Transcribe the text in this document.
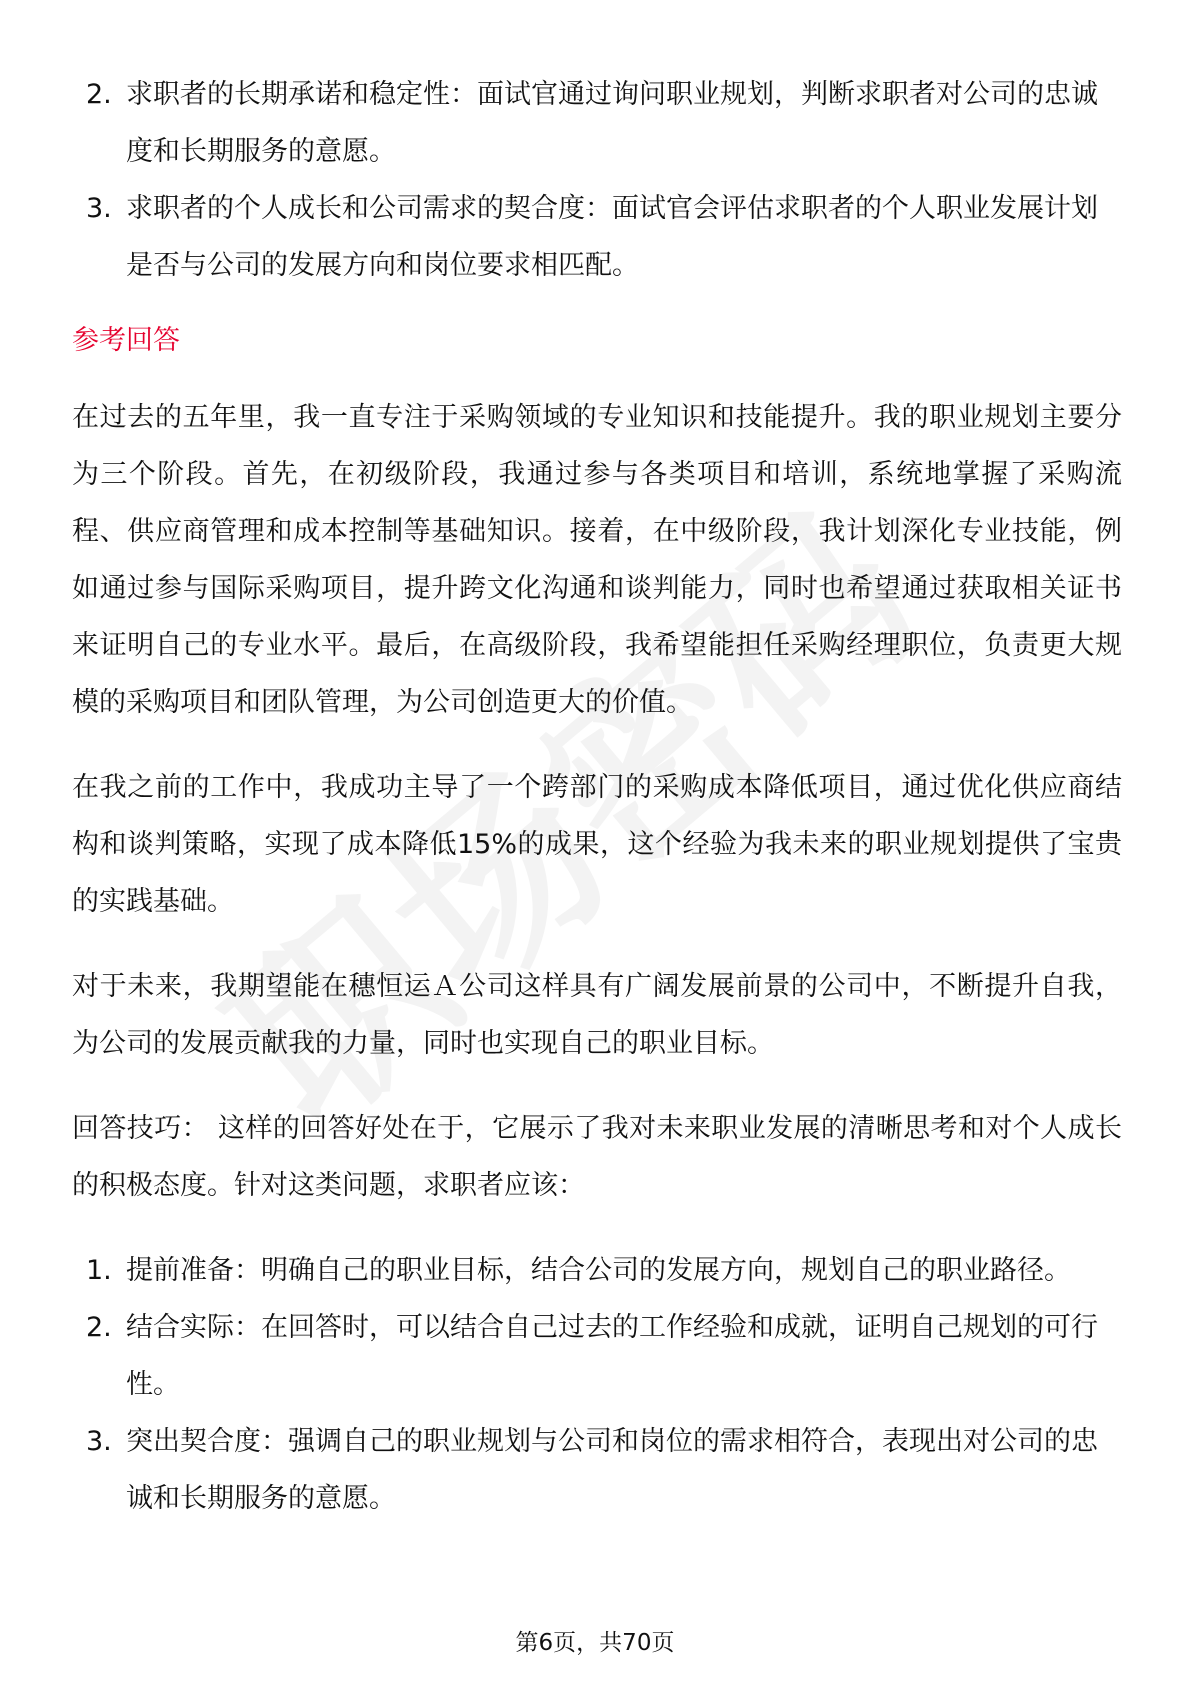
2. 求职者的长期承诺和稳定性：面试官通过询问职业规划，判断求职者对公司的忠诚度和长期服务的意愿。
3. 求职者的个人成长和公司需求的契合度：面试官会评估求职者的个人职业发展计划是否与公司的发展方向和岗位要求相匹配。
参考回答

在过去的五年里，我一直专注于采购领域的专业知识和技能提升。我的职业规划主要分为三个阶段。首先，在初级阶段，我通过参与各类项目和培训，系统地掌握了采购流程、供应商管理和成本控制等基础知识。接着，在中级阶段，我计划深化专业技能，例如通过参与国际采购项目，提升跨文化沟通和谈判能力，同时也希望通过获取相关证书来证明自己的专业水平。最后，在高级阶段，我希望能担任采购经理职位，负责更大规模的采购项目和团队管理，为公司创造更大的价值。

在我之前的工作中，我成功主导了一个跨部门的采购成本降低项目，通过优化供应商结构和谈判策略，实现了成本降低15%的成果，这个经验为我未来的职业规划提供了宝贵的实践基础。

对于未来，我期望能在穗恒运Ａ公司这样具有广阔发展前景的公司中，不断提升自我，为公司的发展贡献我的力量，同时也实现自己的职业目标。

回答技巧： 这样的回答好处在于，它展示了我对未来职业发展的清晰思考和对个人成长的积极态度。针对这类问题，求职者应该：

1. 提前准备：明确自己的职业目标，结合公司的发展方向，规划自己的职业路径。
2. 结合实际：在回答时，可以结合自己过去的工作经验和成就，证明自己规划的可行性。
3. 突出契合度：强调自己的职业规划与公司和岗位的需求相符合，表现出对公司的忠诚和长期服务的意愿。
第6页，共70页
